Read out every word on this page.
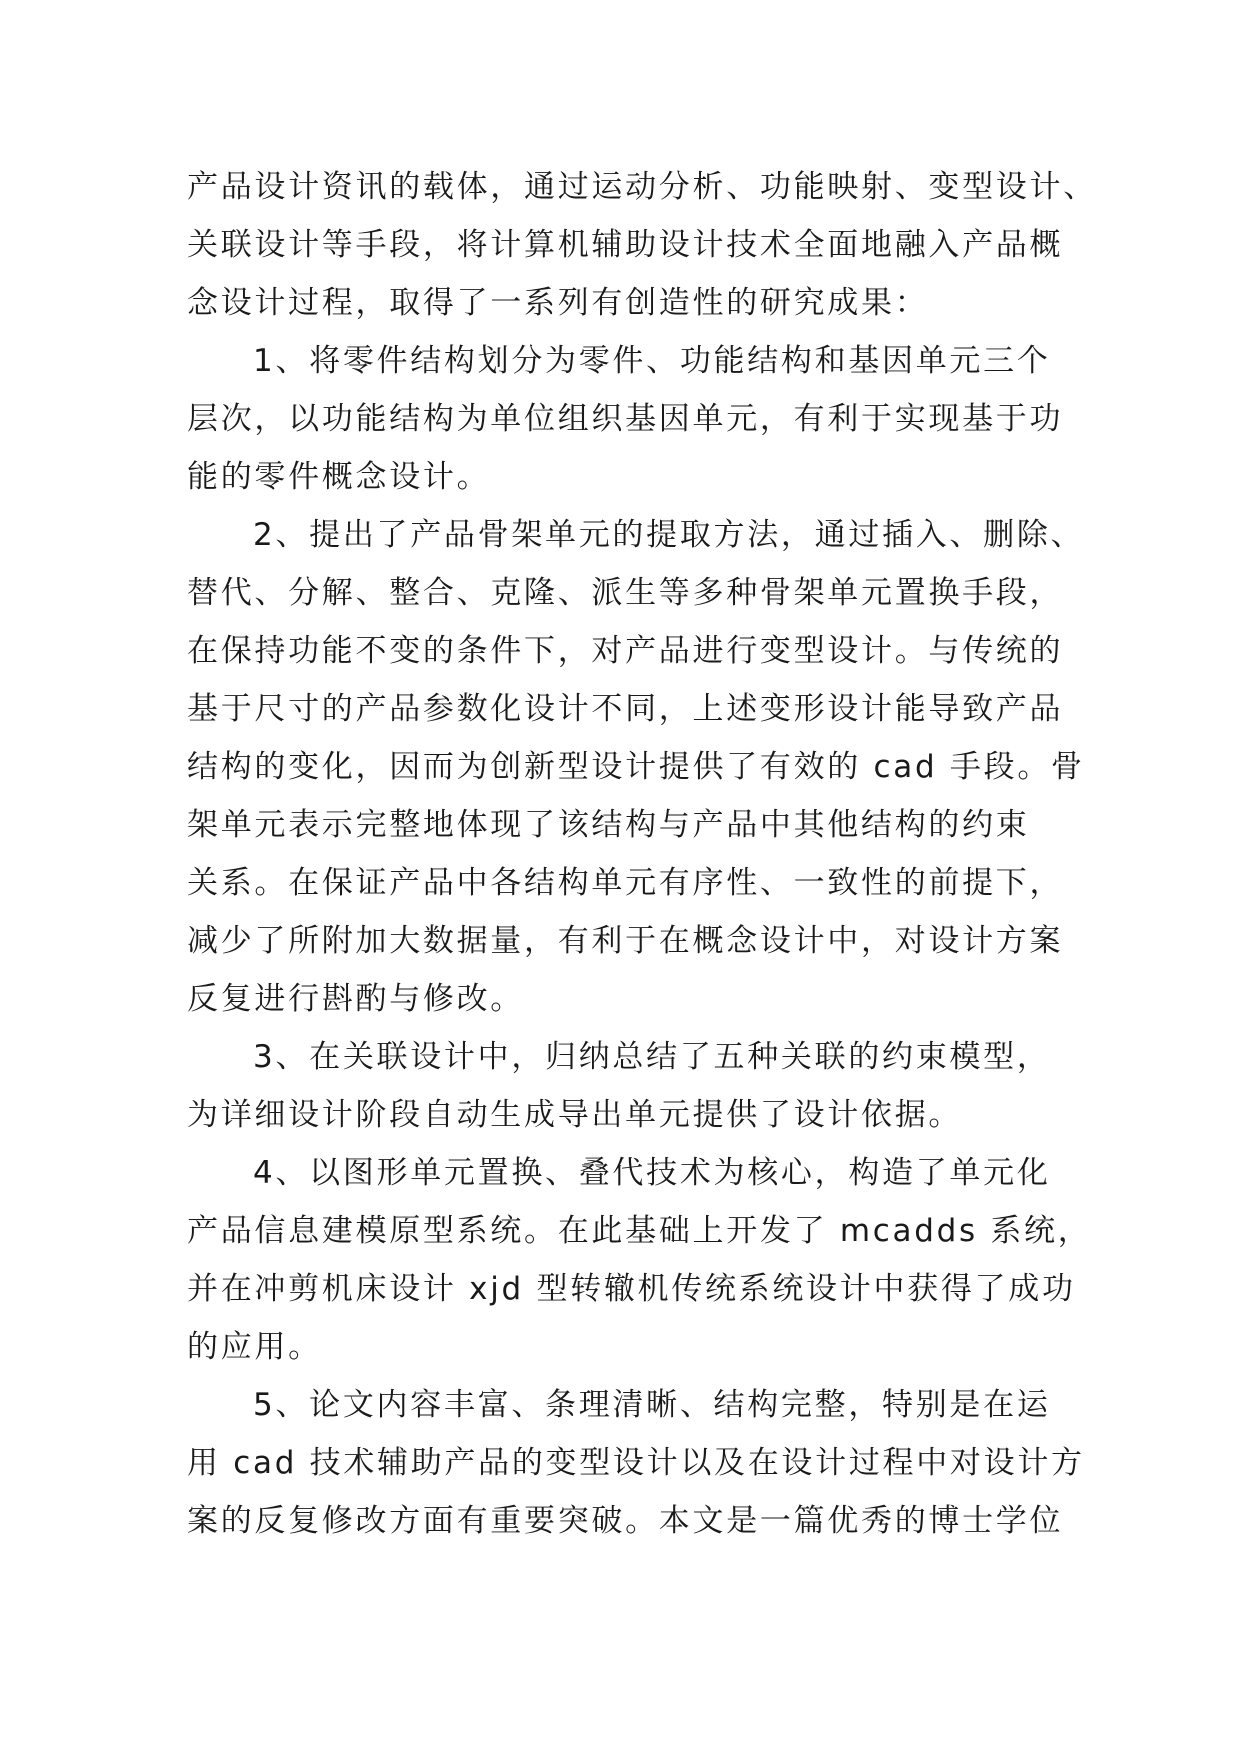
产品设计资讯的载体，通过运动分析、功能映射、变型设计、
关联设计等手段，将计算机辅助设计技术全面地融入产品概
念设计过程，取得了一系列有创造性的研究成果：
1、将零件结构划分为零件、功能结构和基因单元三个
层次，以功能结构为单位组织基因单元，有利于实现基于功
能的零件概念设计。
2、提出了产品骨架单元的提取方法，通过插入、删除、
替代、分解、整合、克隆、派生等多种骨架单元置换手段，
在保持功能不变的条件下，对产品进行变型设计。与传统的
基于尺寸的产品参数化设计不同，上述变形设计能导致产品
结构的变化，因而为创新型设计提供了有效的 cad 手段。骨
架单元表示完整地体现了该结构与产品中其他结构的约束
关系。在保证产品中各结构单元有序性、一致性的前提下，
减少了所附加大数据量，有利于在概念设计中，对设计方案
反复进行斟酌与修改。
3、在关联设计中，归纳总结了五种关联的约束模型，
为详细设计阶段自动生成导出单元提供了设计依据。
4、以图形单元置换、叠代技术为核心，构造了单元化
产品信息建模原型系统。在此基础上开发了 mcadds 系统，
并在冲剪机床设计 xjd 型转辙机传统系统设计中获得了成功
的应用。
5、论文内容丰富、条理清晰、结构完整，特别是在运
用 cad 技术辅助产品的变型设计以及在设计过程中对设计方
案的反复修改方面有重要突破。本文是一篇优秀的博士学位
